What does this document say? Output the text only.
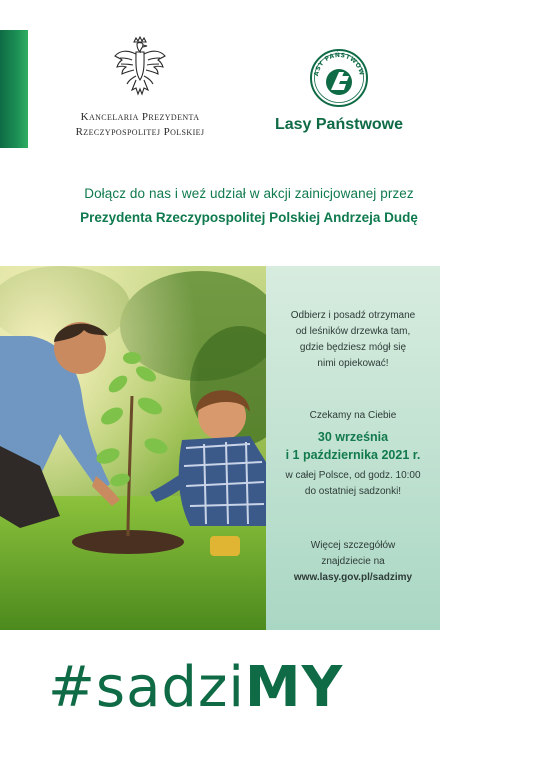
Kancelaria Prezydenta
Rzeczypospolitej Polskiej
ASY PAŃSTWOW
Lasy Państwowe
Dołącz do nas i weź udział w akcji zainicjowanej przez
Prezydenta Rzeczypospolitej Polskiej Andrzeja Dudę
Odbierz i posadź otrzymane
od leśników drzewka tam,
gdzie będziesz mógł się
nimi opiekować!
Czekamy na Ciebie
30 września
i 1 października 2021 r.
w całej Polsce, od godz. 10:00
do ostatniej sadzonki!
Więcej szczegółów
znajdziecie na
www.lasy.gov.pl/sadzimy
#sadziMY
